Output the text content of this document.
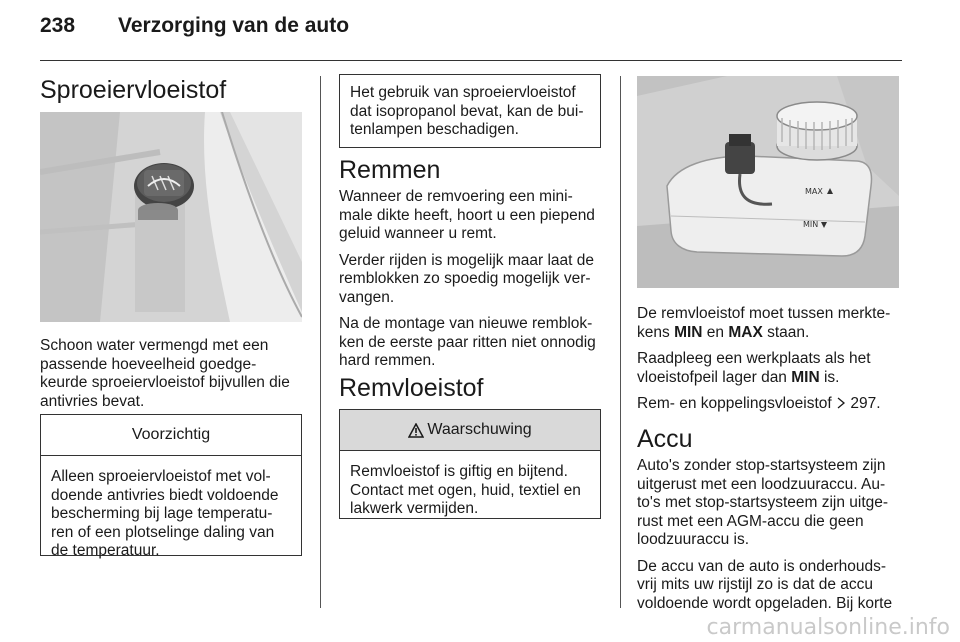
238 Verzorging van de auto
Sproeiervloeistof

Schoon water vermengd met een passende hoeveelheid goedge-keurde sproeiervloeistof bijvullen die antivries bevat.

Voorzichtig
Alleen sproeiervloeistof met vol-doende antivries biedt voldoende bescherming bij lage temperatu-ren of een plotselinge daling van de temperatuur.
Het gebruik van sproeiervloeistof dat isopropanol bevat, kan de bui-tenlampen beschadigen.
Remmen

Wanneer de remvoering een mini-male dikte heeft, hoort u een piepend geluid wanneer u remt.

Verder rijden is mogelijk maar laat de remblokken zo spoedig mogelijk ver-vangen.

Na de montage van nieuwe remblok-ken de eerste paar ritten niet onnodig hard remmen.

Remvloeistof
Waarschuwing
Remvloeistof is giftig en bijtend. Contact met ogen, huid, textiel en lakwerk vermijden.
MAX
MIN

De remvloeistof moet tussen merkte-kens MIN en MAX staan.

Raadpleeg een werkplaats als het vloeistofpeil lager dan MIN is.

Rem- en koppelingsvloeistof  297.

Accu

Auto's zonder stop-startsysteem zijn uitgerust met een loodzuuraccu. Au-to's met stop-startsysteem zijn uitge-rust met een AGM-accu die geen loodzuuraccu is.

De accu van de auto is onderhouds-vrij mits uw rijstijl zo is dat de accu voldoende wordt opgeladen. Bij korte

carmanualsonline.info
